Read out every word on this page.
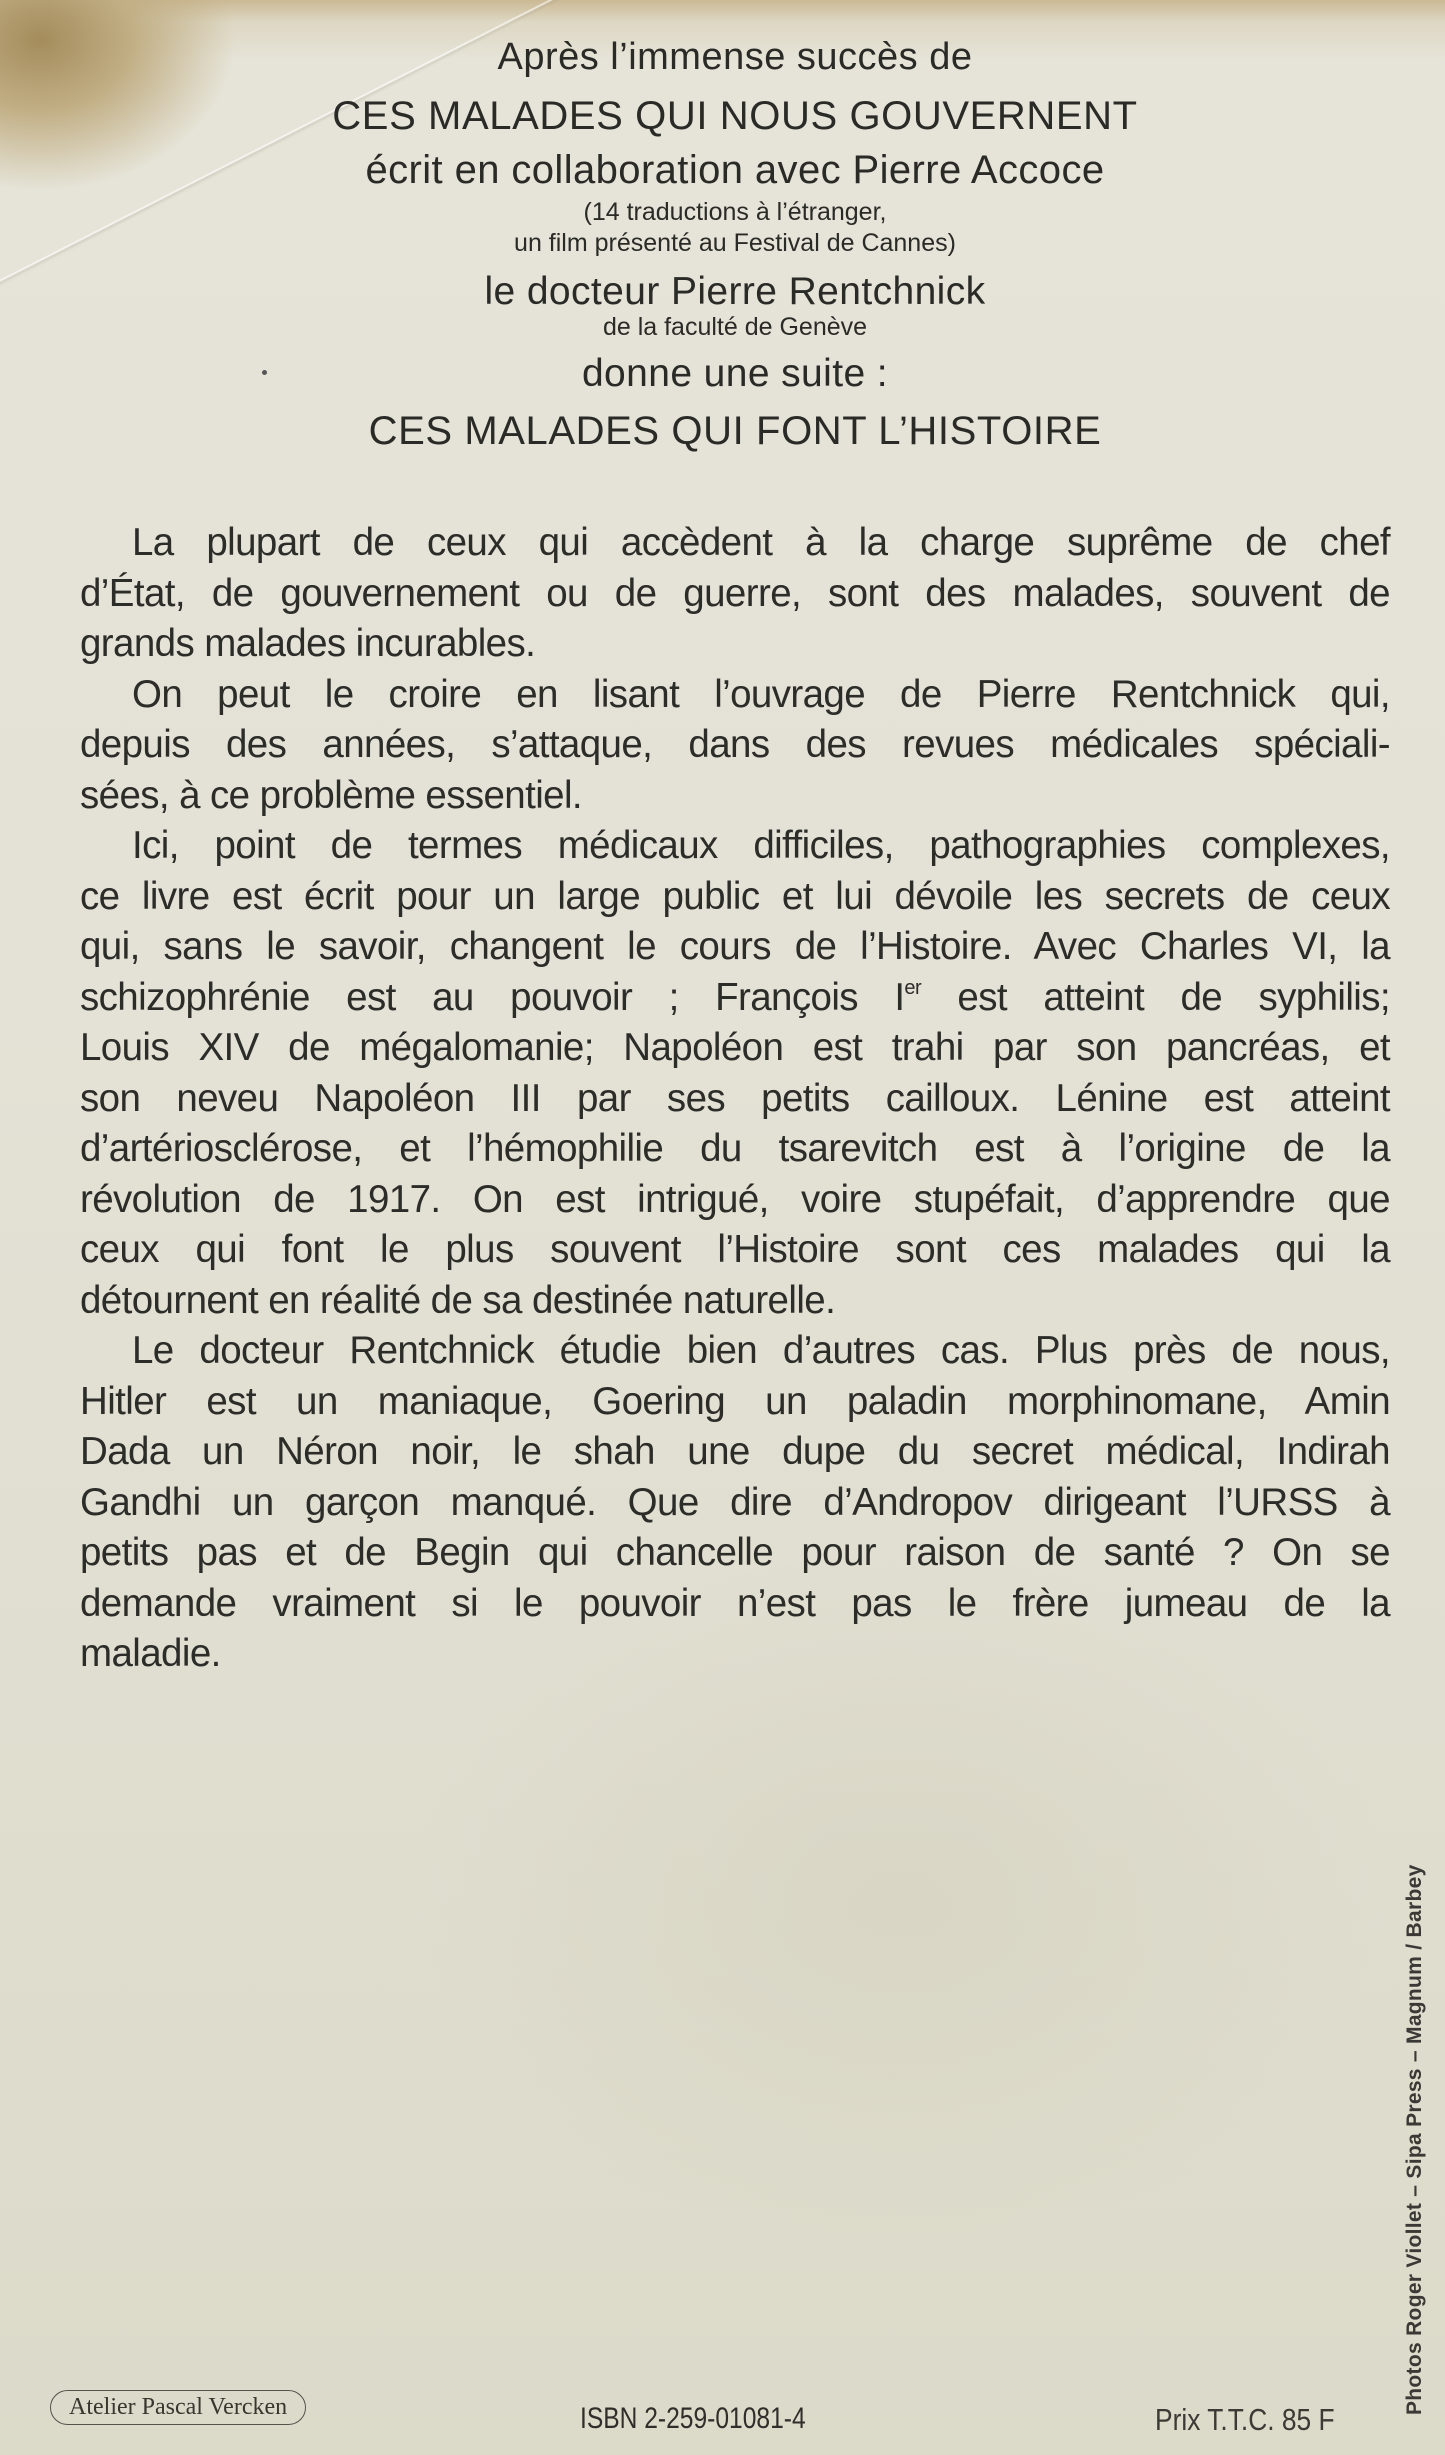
Après l’immense succès de
CES MALADES QUI NOUS GOUVERNENT
écrit en collaboration avec Pierre Accoce
(14 traductions à l’étranger,
un film présenté au Festival de Cannes)
le docteur Pierre Rentchnick
de la faculté de Genève
donne une suite :
CES MALADES QUI FONT L’HISTOIRE
La plupart de ceux qui accèdent à la charge suprême de chef
d’État, de gouvernement ou de guerre, sont des malades, souvent de
grands malades incurables.
On peut le croire en lisant l’ouvrage de Pierre Rentchnick qui,
depuis des années, s’attaque, dans des revues médicales spéciali-
sées, à ce problème essentiel.
Ici, point de termes médicaux difficiles, pathographies complexes,
ce livre est écrit pour un large public et lui dévoile les secrets de ceux
qui, sans le savoir, changent le cours de l’Histoire. Avec Charles VI, la
schizophrénie est au pouvoir ; François Ier est atteint de syphilis;
Louis XIV de mégalomanie; Napoléon est trahi par son pancréas, et
son neveu Napoléon III par ses petits cailloux. Lénine est atteint
d’artériosclérose, et l’hémophilie du tsarevitch est à l’origine de la
révolution de 1917. On est intrigué, voire stupéfait, d’apprendre que
ceux qui font le plus souvent l’Histoire sont ces malades qui la
détournent en réalité de sa destinée naturelle.
Le docteur Rentchnick étudie bien d’autres cas. Plus près de nous,
Hitler est un maniaque, Goering un paladin morphinomane, Amin
Dada un Néron noir, le shah une dupe du secret médical, Indirah
Gandhi un garçon manqué. Que dire d’Andropov dirigeant l’URSS à
petits pas et de Begin qui chancelle pour raison de santé ? On se
demande vraiment si le pouvoir n’est pas le frère jumeau de la
maladie.
Photos Roger Viollet – Sipa Press – Magnum / Barbey
Atelier Pascal Vercken	ISBN 2-259-01081-4	Prix T.T.C. 85 F
